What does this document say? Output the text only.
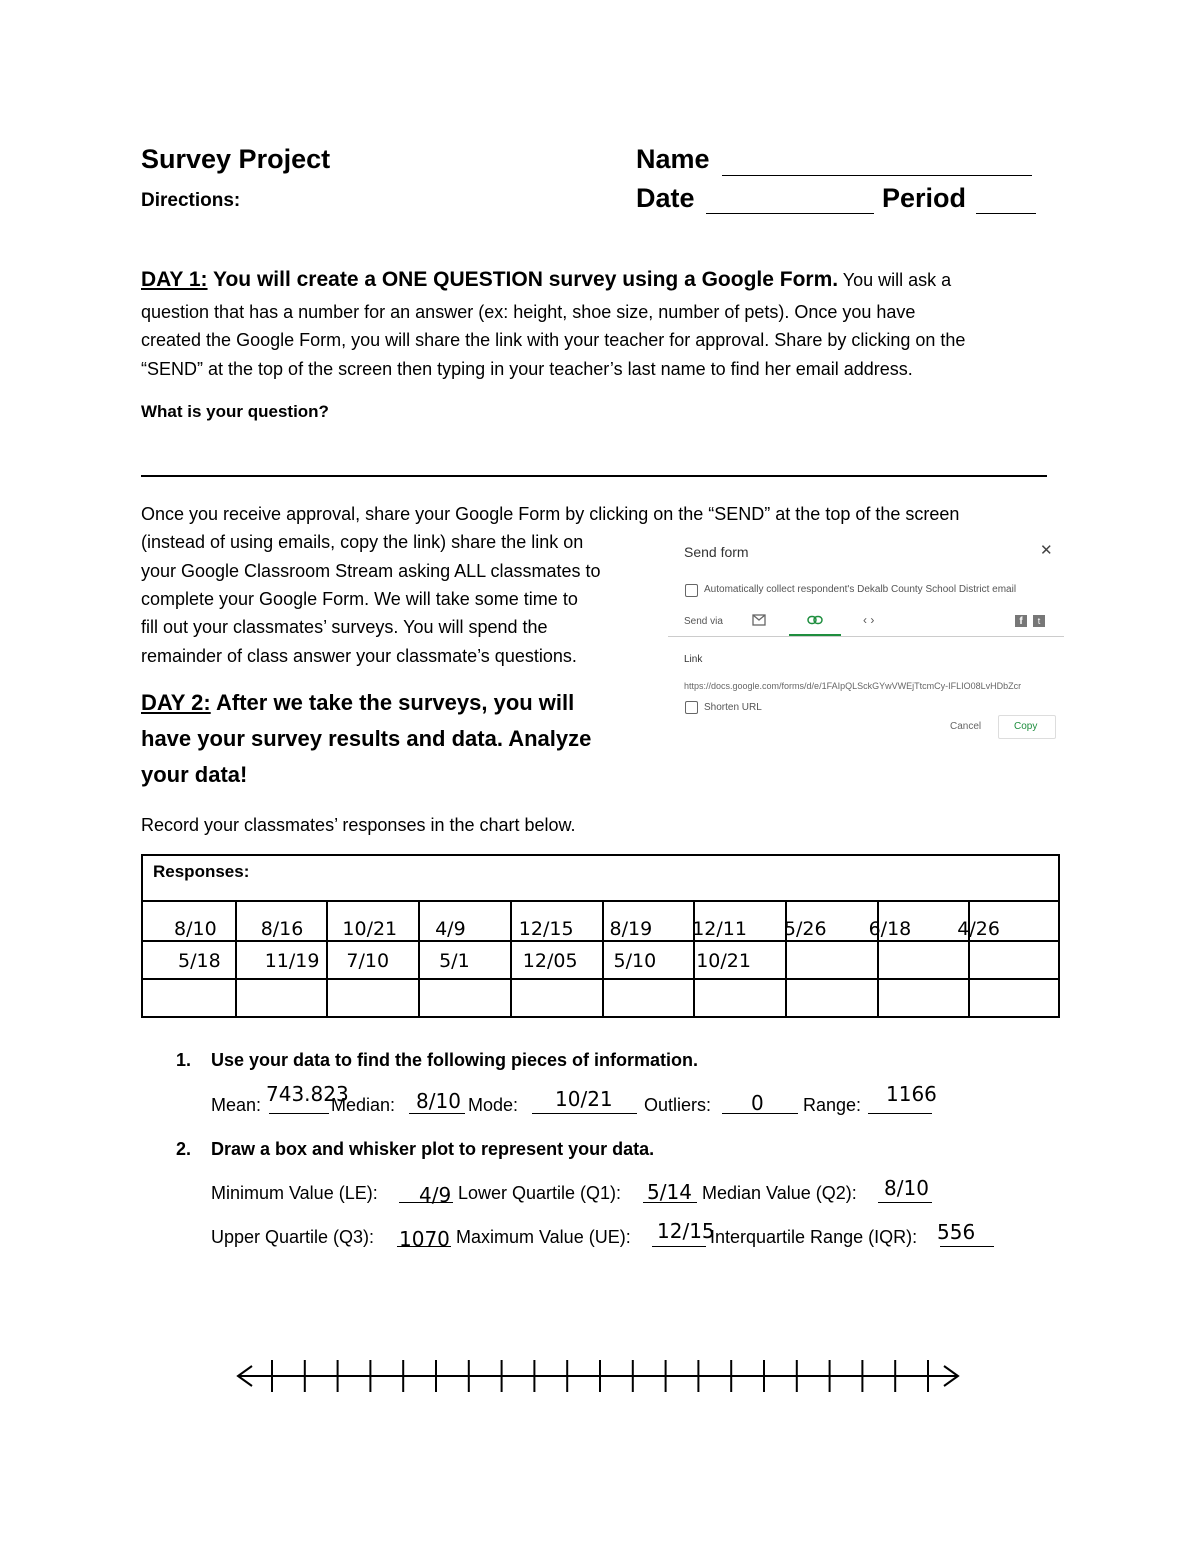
Survey Project
Directions:
Name
Date	Period
DAY 1: You will create a ONE QUESTION survey using a Google Form. You will ask a
question that has a number for an answer (ex: height, shoe size, number of pets). Once you have
created the Google Form, you will share the link with your teacher for approval. Share by clicking on the
“SEND” at the top of the screen then typing in your teacher’s last name to find her email address.
What is your question?
Once you receive approval, share your Google Form by clicking on the “SEND” at the top of the screen
(instead of using emails, copy the link) share the link on
your Google Classroom Stream asking ALL classmates to
complete your Google Form. We will take some time to
fill out your classmates’ surveys. You will spend the
remainder of class answer your classmate’s questions.
Send form	✕
Automatically collect respondent's Dekalb County School District email
Send via	‹ ›	f	t
Link
https://docs.google.com/forms/d/e/1FAIpQLSckGYwVWEjTtcmCy-IFLIO08LvHDbZcr
Shorten URL
Cancel	Copy
DAY 2: After we take the surveys, you will
have your survey results and data. Analyze
your data!
Record your classmates’ responses in the chart below.
Responses:
8/10 8/16 10/21 4/9	12/15 8/19 12/11 5/26 6/18 4/26
5/18 11/19 7/10	5/1	12/05 5/10 10/21
1. Use your data to find the following pieces of information.
Mean: 743.823
Median: 8/10 Mode: 10/21 Outliers: 0 Range: 1166
2. Draw a box and whisker plot to represent your data.
Minimum Value (LE): 4/9 Lower Quartile (Q1): 5/14 Median Value (Q2): 8/10
Upper Quartile (Q3): 1070 Maximum Value (UE): 12/15
Interquartile Range (IQR): 556
